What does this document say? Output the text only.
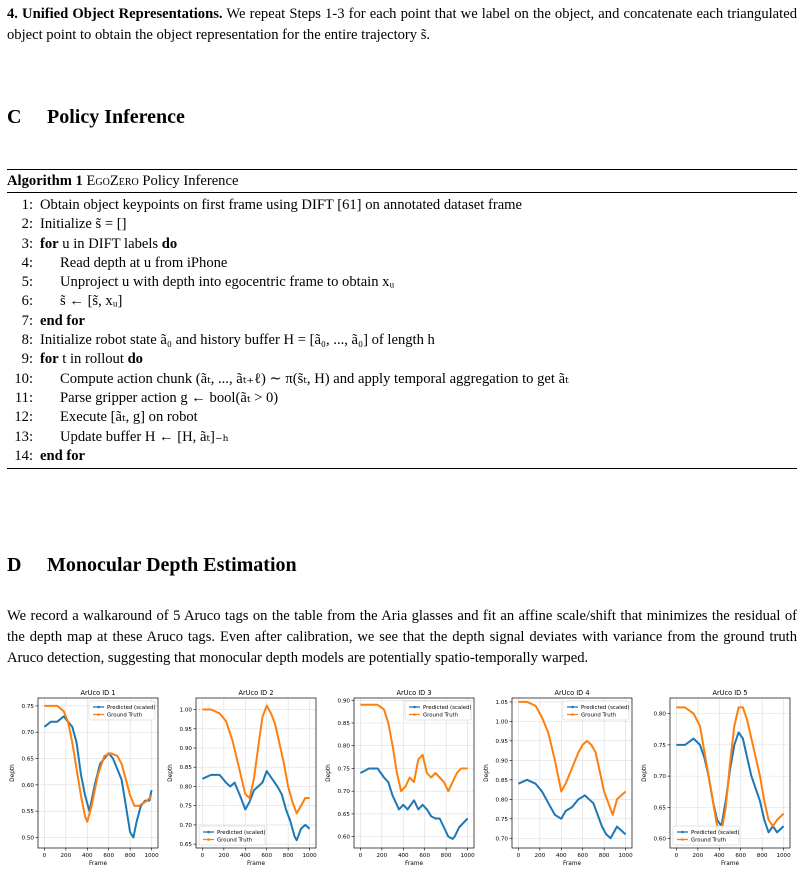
4. Unified Object Representations. We repeat Steps 1-3 for each point that we label on the object, and concatenate each triangulated object point to obtain the object representation for the entire trajectory s̃.
C Policy Inference
Algorithm 1 EgoZero Policy Inference
1: Obtain object keypoints on first frame using DIFT [61] on annotated dataset frame
2: Initialize s̃ = []
3: for u in DIFT labels do
4: Read depth at u from iPhone
5: Unproject u with depth into egocentric frame to obtain xᵤ
6: s̃ ← [s̃, xᵤ]
7: end for
8: Initialize robot state ã₀ and history buffer H = [ã₀, ..., ã₀] of length h
9: for t in rollout do
10: Compute action chunk (ãₜ, ..., ãₜ₊ℓ) ∼ π(s̃ₜ, H) and apply temporal aggregation to get ãₜ
11: Parse gripper action g ← bool(ãₜ > 0)
12: Execute [ãₜ, g] on robot
13: Update buffer H ← [H, ãₜ]₋ₕ
14: end for
D Monocular Depth Estimation
We record a walkaround of 5 Aruco tags on the table from the Aria glasses and fit an affine scale/shift that minimizes the residual of the depth map at these Aruco tags. Even after calibration, we see that the depth signal deviates with variance from the ground truth Aruco detection, suggesting that monocular depth models are potentially spatio-temporally warped.
0	200 400 600 800 1000
0.50
0.55
0.60
0.65
0.70
0.75
ArUco ID 1
Frame
Depth
Predicted (scaled)
Ground Truth
0	200 400 600 800 1000
0.65
0.70
0.75
0.80
0.85
0.90
0.95
1.00
ArUco ID 2
Frame
Depth
Predicted (scaled)
Ground Truth
0	200 400 600 800 1000
0.60
0.65
0.70
0.75
0.80
0.85
0.90
ArUco ID 3
Frame
Depth
Predicted (scaled)
Ground Truth
0	200 400 600 800 1000
0.70
0.75
0.80
0.85
0.90
0.95
1.00
1.05
ArUco ID 4
Frame
Depth
Predicted (scaled)
Ground Truth
0	200 400 600 800 1000
0.60
0.65
0.70
0.75
0.80
ArUco ID 5
Frame
Depth
Predicted (scaled)
Ground Truth
